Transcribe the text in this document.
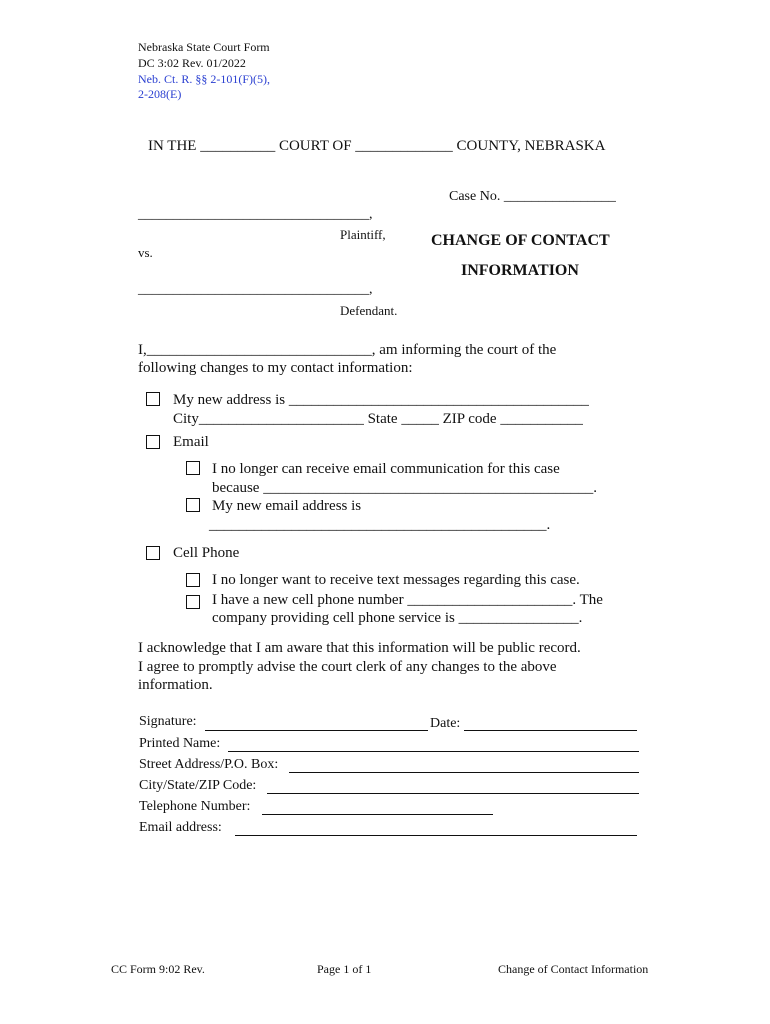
Nebraska State Court Form
DC 3:02 Rev. 01/2022
Neb. Ct. R. §§ 2-101(F)(5),
2-208(E)
IN THE __________ COURT OF _____________ COUNTY, NEBRASKA
Case No. ________________
_________________________________,
Plaintiff,
vs.
CHANGE OF CONTACT
INFORMATION
_________________________________,
Defendant.
I,______________________________, am informing the court of the
following changes to my contact information:
My new address is ________________________________________
City______________________ State _____ ZIP code ___________
Email
I no longer can receive email communication for this case
because ____________________________________________.
My new email address is
_____________________________________________.
Cell Phone
I no longer want to receive text messages regarding this case.
I have a new cell phone number ______________________. The
company providing cell phone service is ________________.
I acknowledge that I am aware that this information will be public record.
I agree to promptly advise the court clerk of any changes to the above
information.
Signature:	Date:
Printed Name:
Street Address/P.O. Box:
City/State/ZIP Code:
Telephone Number:
Email address:
CC Form 9:02 Rev.	Page 1 of 1	Change of Contact Information
